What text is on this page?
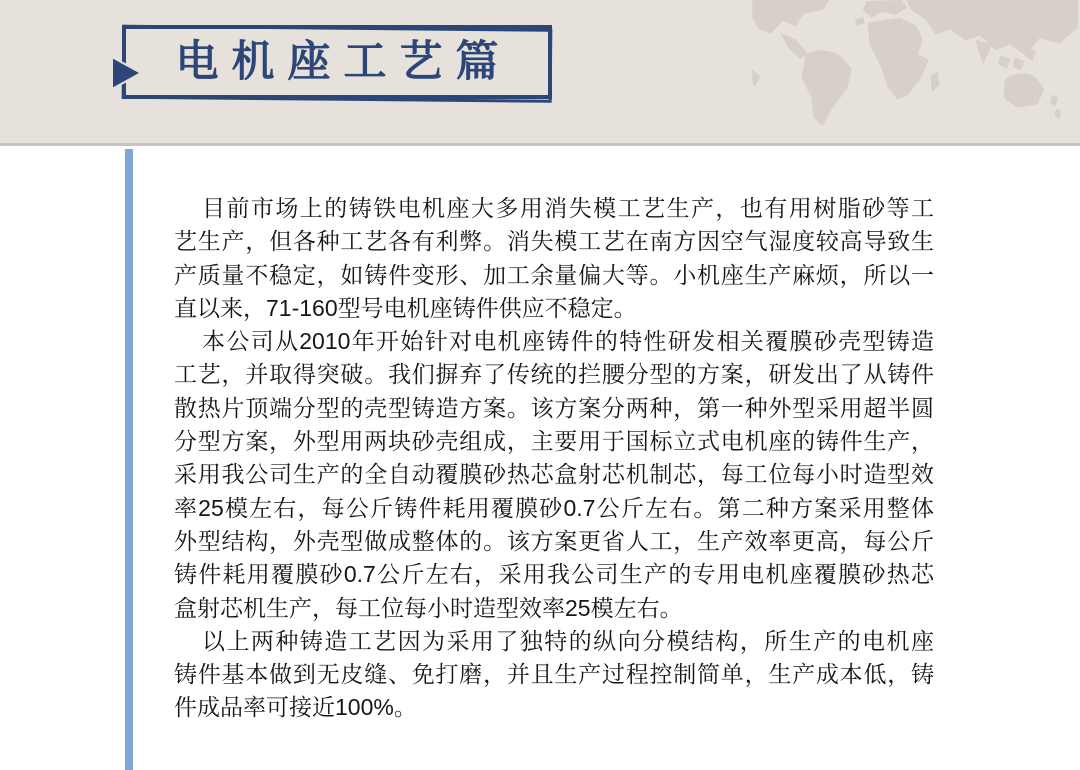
电机座工艺篇
目前市场上的铸铁电机座大多用消失模工艺生产，也有用树脂砂等工
艺生产，但各种工艺各有利弊。消失模工艺在南方因空气湿度较高导致生
产质量不稳定，如铸件变形、加工余量偏大等。小机座生产麻烦，所以一
直以来，71-160型号电机座铸件供应不稳定。
本公司从2010年开始针对电机座铸件的特性研发相关覆膜砂壳型铸造
工艺，并取得突破。我们摒弃了传统的拦腰分型的方案，研发出了从铸件
散热片顶端分型的壳型铸造方案。该方案分两种，第一种外型采用超半圆
分型方案，外型用两块砂壳组成，主要用于国标立式电机座的铸件生产，
采用我公司生产的全自动覆膜砂热芯盒射芯机制芯，每工位每小时造型效
率25模左右，每公斤铸件耗用覆膜砂0.7公斤左右。第二种方案采用整体
外型结构，外壳型做成整体的。该方案更省人工，生产效率更高，每公斤
铸件耗用覆膜砂0.7公斤左右，采用我公司生产的专用电机座覆膜砂热芯
盒射芯机生产，每工位每小时造型效率25模左右。
以上两种铸造工艺因为采用了独特的纵向分模结构，所生产的电机座
铸件基本做到无皮缝、免打磨，并且生产过程控制简单，生产成本低，铸
件成品率可接近100%。
